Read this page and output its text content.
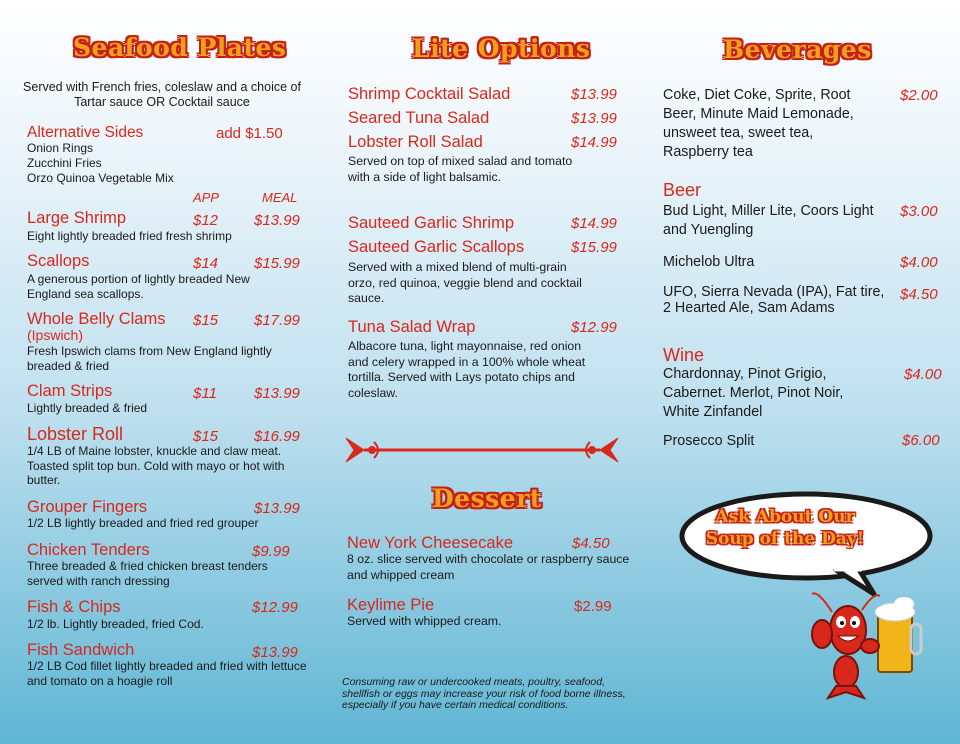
Seafood Plates
Served with French fries, coleslaw and a choice of Tartar sauce OR Cocktail sauce
Alternative Sides	add $1.50
Onion Rings
Zucchini Fries
Orzo Quinoa Vegetable Mix
APP	MEAL
Large Shrimp	$12 $13.99
Eight lightly breaded fried fresh shrimp
Scallops	$14 $15.99
A generous portion of lightly breaded New England sea scallops.
Whole Belly Clams $15 $17.99
(Ipswich)
Fresh Ipswich clams from New England lightly breaded & fried
Clam Strips	$11 $13.99
Lightly breaded & fried
Lobster Roll	$15 $16.99
1/4 LB of Maine lobster, knuckle and claw meat. Toasted split top bun. Cold with mayo or hot with butter.
Grouper Fingers	$13.99
1/2 LB lightly breaded and fried red grouper
Chicken Tenders	$9.99
Three breaded & fried chicken breast tenders served with ranch dressing
Fish & Chips	$12.99
1/2 lb. Lightly breaded, fried Cod.
Fish Sandwich	$13.99
1/2 LB Cod fillet lightly breaded and fried with lettuce and tomato on a hoagie roll
Lite Options
Shrimp Cocktail Salad	$13.99
Seared Tuna Salad	$13.99
Lobster Roll Salad	$14.99
Served on top of mixed salad and tomato with a side of light balsamic.
Sauteed Garlic Shrimp	$14.99
Sauteed Garlic Scallops	$15.99
Served with a mixed blend of multi-grain orzo, red quinoa, veggie blend and cocktail sauce.
Tuna Salad Wrap	$12.99
Albacore tuna, light mayonnaise, red onion and celery wrapped in a 100% whole wheat tortilla. Served with Lays potato chips and coleslaw.
Dessert
New York Cheesecake	$4.50
8 oz. slice served with chocolate or raspberry sauce and whipped cream
Keylime Pie	$2.99
Served with whipped cream.
Consuming raw or undercooked meats, poultry, seafood, shellfish or eggs may increase your risk of food borne illness, especially if you have certain medical conditions.
Beverages
Coke, Diet Coke, Sprite, Root Beer, Minute Maid Lemonade, unsweet tea, sweet tea, Raspberry tea
$2.00
Beer
Bud Light, Miller Lite, Coors Light and Yuengling
$3.00
Michelob Ultra	$4.00
UFO, Sierra Nevada (IPA), Fat tire, 2 Hearted Ale, Sam Adams
$4.50
Wine
Chardonnay, Pinot Grigio, Cabernet. Merlot, Pinot Noir, White Zinfandel
$4.00
Prosecco Split	$6.00
Ask About Our Soup of the Day!
